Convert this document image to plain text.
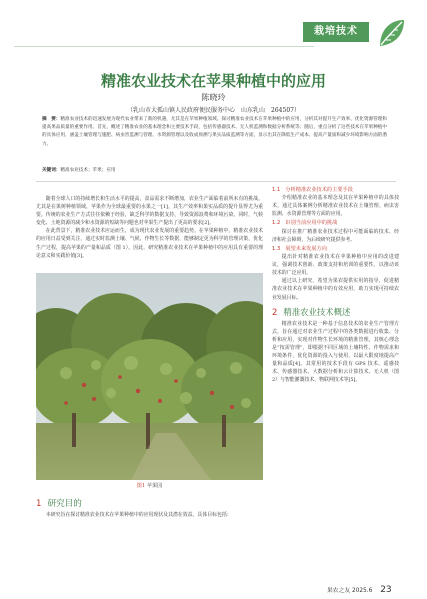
栽培技术
精准农业技术在苹果种植中的应用
陈晓玲
（乳山市大孤山镇人民政府便民服务中心　山东乳山　264507）
摘　要：精准农业技术的迅速发展为现代农业带来了新的机遇，尤其是在苹果种植领域。探讨精准农业技术在苹果种植中的应用，分析其对提升生产效率、优化资源管理和提高果品质量的重要作用。首先，概述了精准农业的基本理念和主要技术手段，包括传感器技术、无人机监测和数据分析系统等；随后，重点分析了这些技术在苹果种植中的具体应用，涵盖土壤管理与施肥、病虫害监测与管理、水资源管理以及收成预测与果实品质监测等方面，显示出其在降低生产成本、提高产量质和减少环境影响方面的潜力。
关键词：精准农业技术；苹果；应用

随着全球人口的持续增长和生活水平的提高，食品需求不断增加，农业生产面临着前所未有的挑战。尤其是在果树种植领域，苹果作为全球最重要的水果之一[1]，其生产效率和果实品质的提升显得尤为重要。传统的农业生产方式往往依赖于经验，缺乏科学的数据支持，导致资源浪费和环境污染。同时，气候变化、土地资源的减少和水资源的短缺等问题也对苹果生产提出了更高的要求[2]。

在此背景下，精准农业技术应运而生，成为现代农业发展的重要趋势。在苹果种植中，精准农业技术的应用日益受到关注，通过实时监测土壤、气候、作物生长等数据，能够制定更为科学的管理决策，优化生产过程，提高苹果的产量和品质（图 1）。因此，研究精准农业技术在苹果种植中的应用具有重要的理论意义和实践价值[3]。

图1 苹果园
1 研究目的
本研究旨在探讨精准农业技术在苹果种植中的应用现状及其潜在效益。具体目标包括：
1.1　分析精准农业技术的主要手段

介绍精准农业的基本理念及其在苹果种植中的具体技术，通过具体案例分析精准农业技术在土壤管理、病虫害监测、水资源管理等方面的应用。

1.2　识别当前应用中的挑战

探讨在推广精准农业技术过程中可能面临的技术、经济和社会障碍，为后续研究提供参考。

1.3　展望未来发展方向

提出针对精准农业技术在苹果种植中应用的改进建议，强调技术创新、政策支持和培训的重要性，以推动该技术的广泛应用。

通过以上研究，希望为果农提供实用的指导，促进精准农业技术在苹果种植中的有效应用，助力实现可持续农业发展目标。

2 精准农业技术概述

精准农业技术是一种基于信息技术的农业生产管理方式，旨在通过对农业生产过程中的各类数据进行收集、分析和应用，实现对作物生长环境的精准管理。其核心理念是“按需管理”，即根据不同区域的土壤特性、作物需求和环境条件，优化资源的投入与使用，以最大限度地提高产量和品质[4]。其常用的技术手段有 GPS 技术、遥感技术、传感器技术、大数据分析和云计算技术、无人机（图 2）与智能灌溉技术、物联网技术等[5]。

果农之友 2025.6 23
